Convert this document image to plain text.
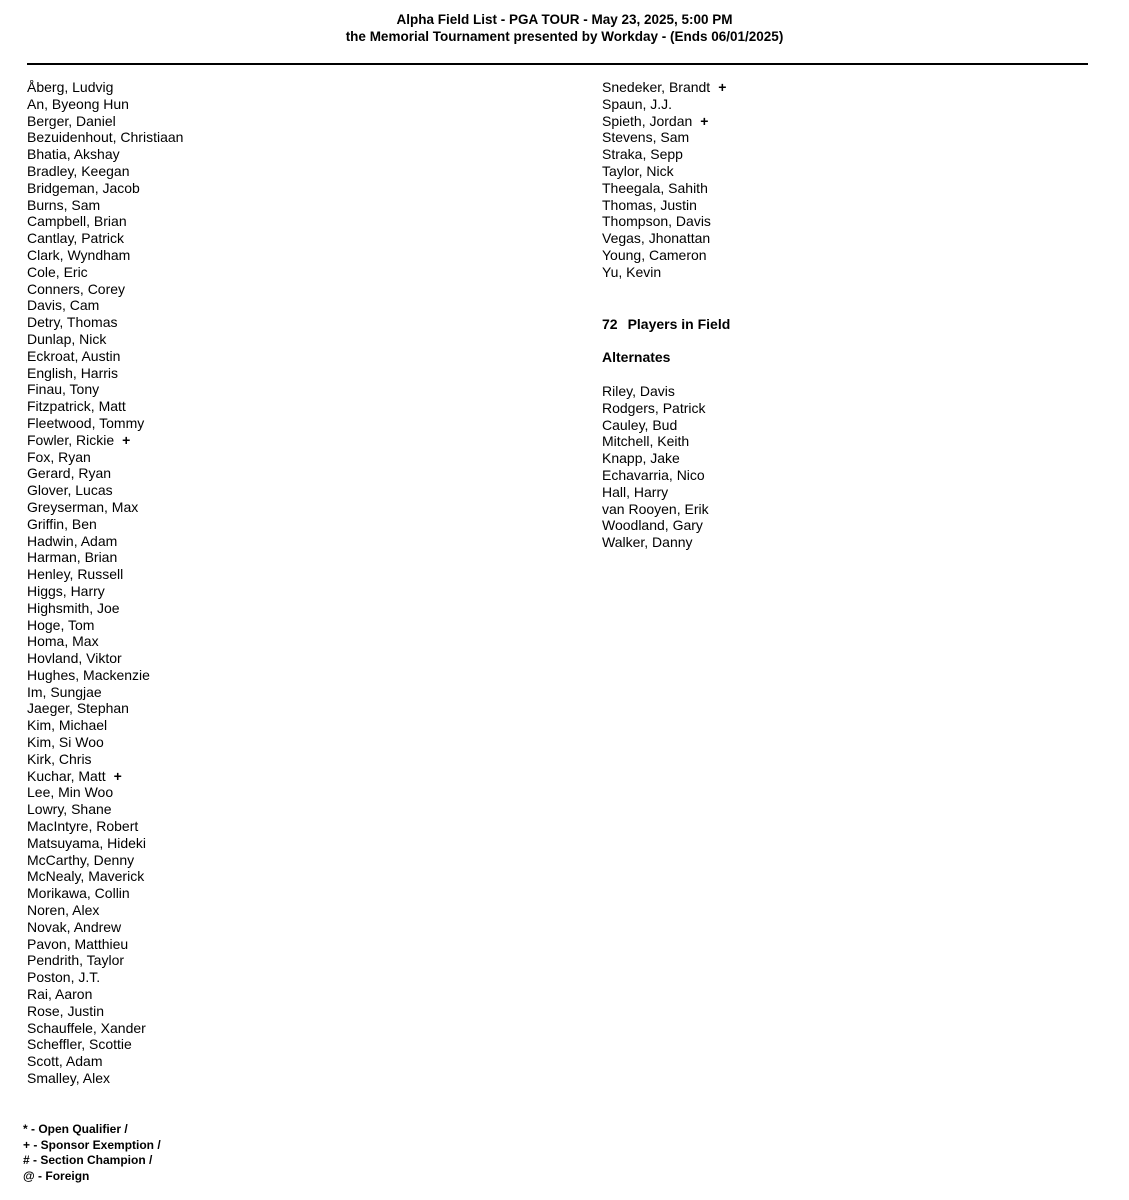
Alpha Field List - PGA TOUR - May 23, 2025, 5:00 PM
the Memorial Tournament presented by Workday - (Ends 06/01/2025)
Åberg, Ludvig
An, Byeong Hun
Berger, Daniel
Bezuidenhout, Christiaan
Bhatia, Akshay
Bradley, Keegan
Bridgeman, Jacob
Burns, Sam
Campbell, Brian
Cantlay, Patrick
Clark, Wyndham
Cole, Eric
Conners, Corey
Davis, Cam
Detry, Thomas
Dunlap, Nick
Eckroat, Austin
English, Harris
Finau, Tony
Fitzpatrick, Matt
Fleetwood, Tommy
Fowler, Rickie +
Fox, Ryan
Gerard, Ryan
Glover, Lucas
Greyserman, Max
Griffin, Ben
Hadwin, Adam
Harman, Brian
Henley, Russell
Higgs, Harry
Highsmith, Joe
Hoge, Tom
Homa, Max
Hovland, Viktor
Hughes, Mackenzie
Im, Sungjae
Jaeger, Stephan
Kim, Michael
Kim, Si Woo
Kirk, Chris
Kuchar, Matt +
Lee, Min Woo
Lowry, Shane
MacIntyre, Robert
Matsuyama, Hideki
McCarthy, Denny
McNealy, Maverick
Morikawa, Collin
Noren, Alex
Novak, Andrew
Pavon, Matthieu
Pendrith, Taylor
Poston, J.T.
Rai, Aaron
Rose, Justin
Schauffele, Xander
Scheffler, Scottie
Scott, Adam
Smalley, Alex
Snedeker, Brandt +
Spaun, J.J.
Spieth, Jordan +
Stevens, Sam
Straka, Sepp
Taylor, Nick
Theegala, Sahith
Thomas, Justin
Thompson, Davis
Vegas, Jhonattan
Young, Cameron
Yu, Kevin
72 Players in Field
Alternates
Riley, Davis
Rodgers, Patrick
Cauley, Bud
Mitchell, Keith
Knapp, Jake
Echavarria, Nico
Hall, Harry
van Rooyen, Erik
Woodland, Gary
Walker, Danny
* - Open Qualifier /
+ - Sponsor Exemption /
# - Section Champion /
@ - Foreign
